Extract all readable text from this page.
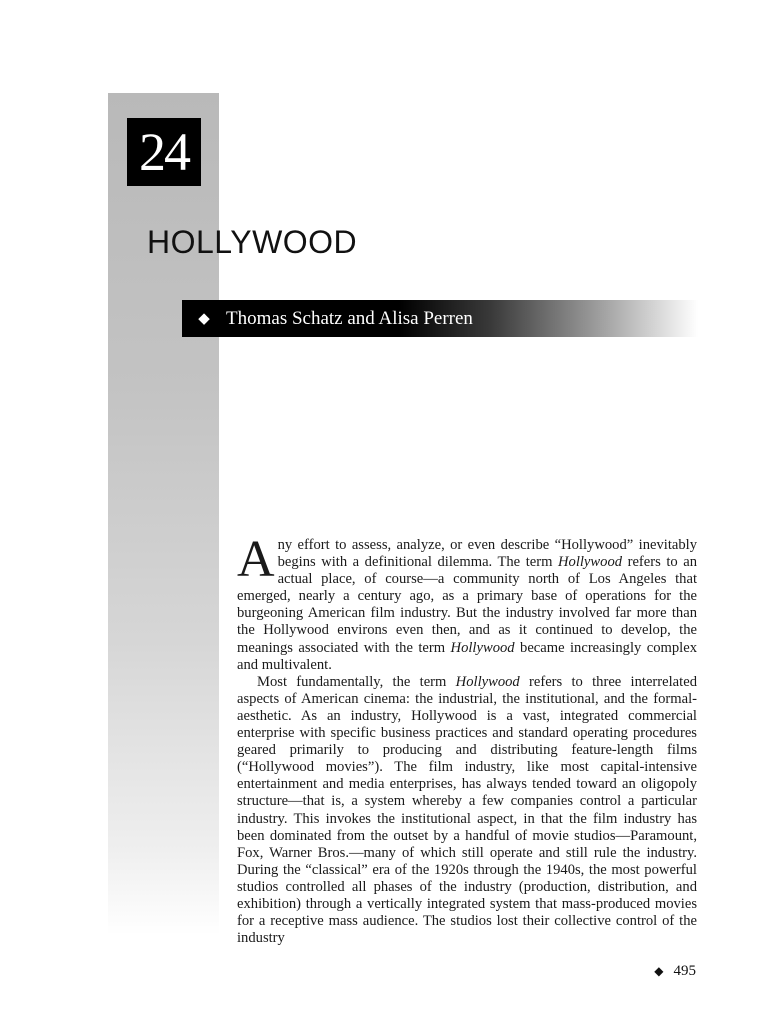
24
HOLLYWOOD
◆ Thomas Schatz and Alisa Perren

Any effort to assess, analyze, or even describe “Hollywood” inevitably begins with a definitional dilemma. The term Hollywood refers to an actual place, of course—a community north of Los Angeles that emerged, nearly a century ago, as a primary base of operations for the burgeoning American film industry. But the industry involved far more than the Hollywood environs even then, and as it continued to develop, the meanings associated with the term Hollywood became increasingly complex and multivalent.

Most fundamentally, the term Hollywood refers to three interrelated aspects of American cinema: the industrial, the institutional, and the formal-aesthetic. As an industry, Hollywood is a vast, integrated commercial enterprise with specific business practices and standard operating procedures geared primarily to producing and distributing feature-length films (“Hollywood movies”). The film industry, like most capital-intensive entertainment and media enterprises, has always tended toward an oligopoly structure—that is, a system whereby a few companies control a particular industry. This invokes the institutional aspect, in that the film industry has been dominated from the outset by a handful of movie studios—Paramount, Fox, Warner Bros.—many of which still operate and still rule the industry. During the “classical” era of the 1920s through the 1940s, the most powerful studios controlled all phases of the industry (production, distribution, and exhibition) through a vertically integrated system that mass-produced movies for a receptive mass audience. The studios lost their collective control of the industry

◆ 495
